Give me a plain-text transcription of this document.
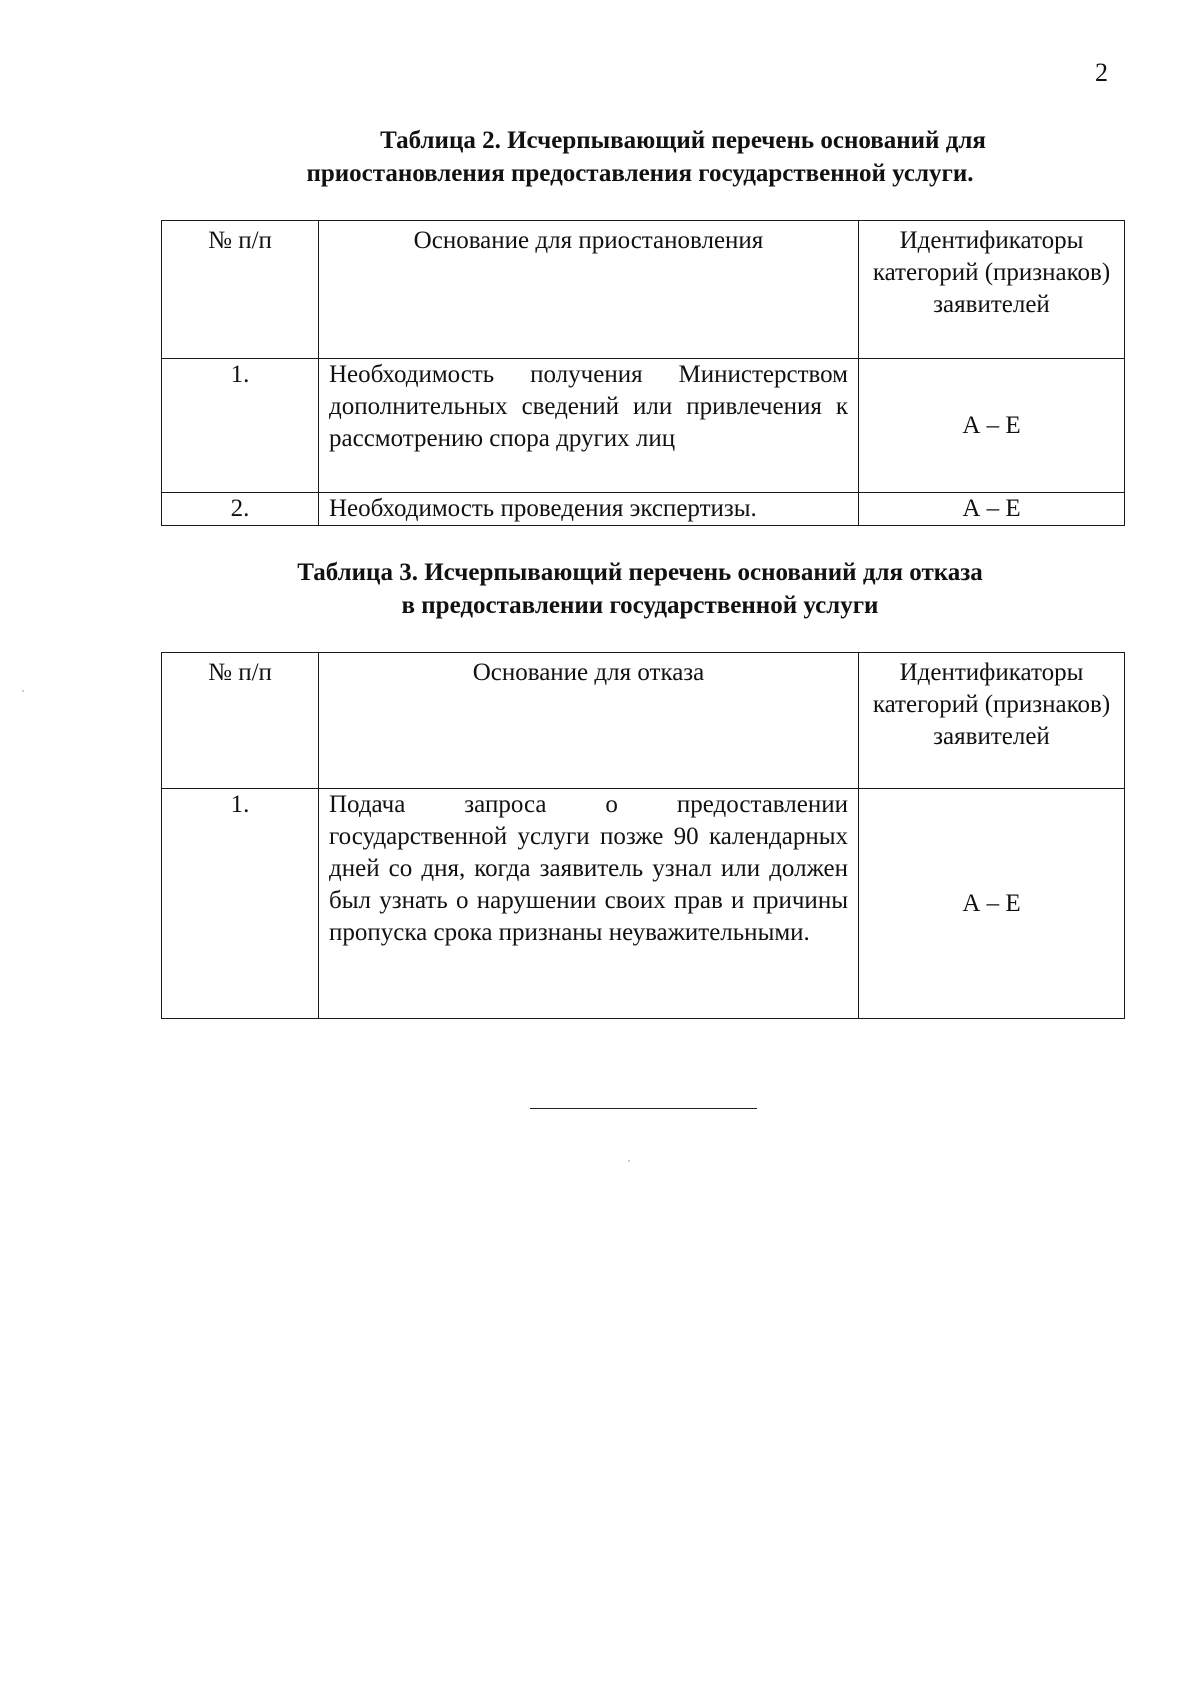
2
Таблица 2. Исчерпывающий перечень оснований для
приостановления предоставления государственной услуги.
№ п/п	Основание для приостановления	Идентификаторы категорий (признаков) заявителей
1.	Необходимость получения Министерством дополнительных сведений или привлечения к рассмотрению спора других лиц	А – Е
2.	Необходимость проведения экспертизы.	А – Е
Таблица 3. Исчерпывающий перечень оснований для отказа
в предоставлении государственной услуги
№ п/п	Основание для отказа	Идентификаторы категорий (признаков) заявителей
1.	Подача запроса о предоставлении государственной услуги позже 90 календарных дней со дня, когда заявитель узнал или должен был узнать о нарушении своих прав и причины пропуска срока признаны неуважительными.	А – Е
